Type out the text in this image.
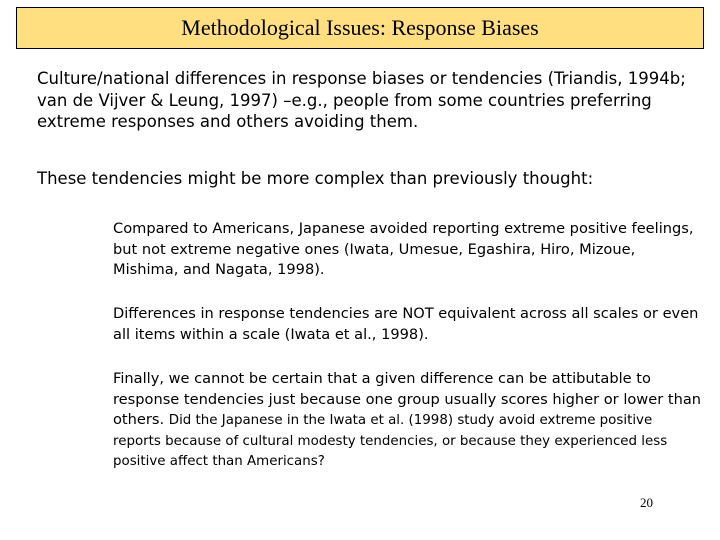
Methodological Issues: Response Biases

Culture/national differences in response biases or tendencies (Triandis, 1994b; van de Vijver & Leung, 1997) –e.g., people from some countries preferring extreme responses and others avoiding them.

These tendencies might be more complex than previously thought:

Compared to Americans, Japanese avoided reporting extreme positive feelings, but not extreme negative ones (Iwata, Umesue, Egashira, Hiro, Mizoue, Mishima, and Nagata, 1998).

Differences in response tendencies are NOT equivalent across all scales or even all items within a scale (Iwata et al., 1998).

Finally, we cannot be certain that a given difference can be attibutable to response tendencies just because one group usually scores higher or lower than others. Did the Japanese in the Iwata et al. (1998) study avoid extreme positive reports because of cultural modesty tendencies, or because they experienced less positive affect than Americans?

20
